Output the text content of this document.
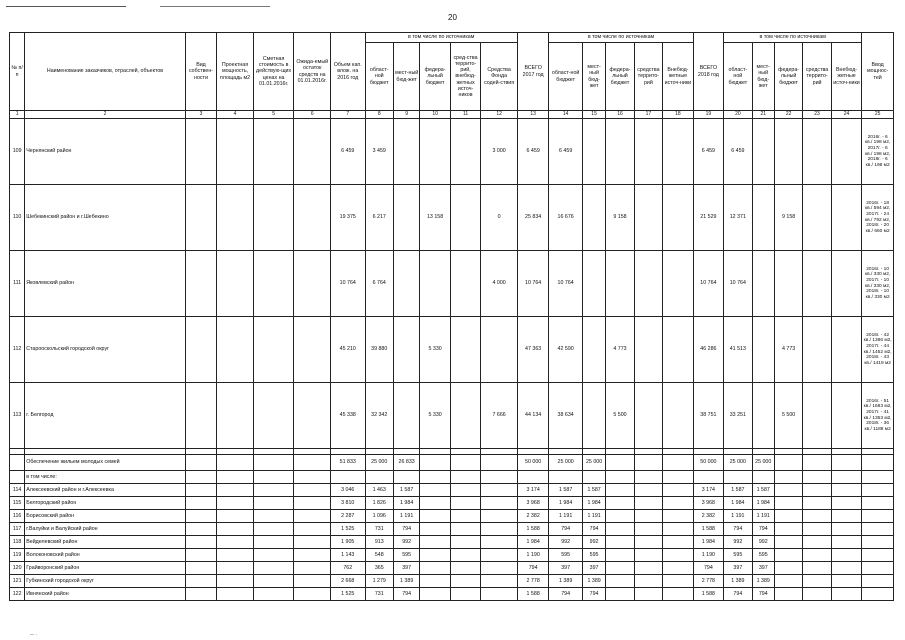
20
№ п/п	Наименование заказчиков, отраслей, объектов	Вид собствен-ности	Проектная мощность, площадь м2	Сметная стоимость в действую-щих ценах на 01.01.2016г.	Ожида-емый остаток средств на 01.01.2016г.	Объем кап. влож. на 2016 год	в том числе по источникам					ВСЕГО 2017 год	в том числе по источникам					ВСЕГО 2018 год	в том числе по источникам					Ввод мощнос-тей
							област-ной бюджет	мест-ный бюд-жет	федера-льный бюджет	сред-ства террито-рий, внебюд-жетных источ-ников	Средства Фонда содей-ствия		област-ной бюджет	мест-ный бюд-жет	федера-льный бюджет	средства террито-рий	Внебюд-жетные источ-ники		област-ной бюджет	мест-ный бюд-жет	федера-льный бюджет	средства террито-рий	Внебюд-жетные источ-ники	
1	2	3	4	5	6	7	8	9	10	11	12	13	14	15	16	17	18	19	20	21	22	23	24	25
109	Чернянский район					6 459	3 459				3 000	6 459	6 459					6 459	6 459					2016г. - 6 кв./ 198 м2, 2017г. - 6 кв./ 198 м2, 2018г. - 6 кв./ 198 м2
110	Шебекинский район и г.Шебекино					19 375	6 217		13 158		0	25 834	16 676		9 158			21 529	12 371		9 158			2016г. - 18 кв./ 594 м2, 2017г. - 24 кв./ 792 м2, 2018г. - 20 кв./ 660 м2
111	Яковлевский район					10 764	6 764				4 000	10 764	10 764					10 764	10 764					2016г. - 10 кв./ 330 м2, 2017г. - 10 кв./ 330 м2, 2018г. - 10 кв./ 330 м2
112	Старооскольский городской округ					45 210	39 880		5 330			47 363	42 590		4 773			46 286	41 513		4 773			2016г. - 42 кв./ 1386 м2, 2017г. - 44 кв./ 1452 м2, 2018г. - 43 кв./ 1419 м2
113	г. Белгород					45 338	32 342		5 330		7 666	44 134	38 634		5 500			38 751	33 251		5 500			2016г. - 51 кв./ 1683 м2, 2017г. - 41 кв./ 1353 м2, 2018г. - 36 кв./ 1188 м2

	Обеспечение жильем молодых семей					51 833	25 000	26 833				50 000	25 000	25 000				50 000	25 000	25 000				
	в том числе:																							
114	Алексеевский район и г.Алексеевка					3 046	1 463	1 587				3 174	1 587	1 587				3 174	1 587	1 587				
115	Белгородский район					3 810	1 826	1 984				3 968	1 984	1 984				3 968	1 984	1 984				
116	Борисовский район					2 287	1 096	1 191				2 382	1 191	1 191				2 382	1 191	1 191				
117	г.Валуйки и Валуйский район					1 525	731	794				1 588	794	794				1 588	794	794				
118	Вейделевский район					1 905	913	992				1 984	992	992				1 984	992	992				
119	Волоконовский район					1 143	548	595				1 190	595	595				1 190	595	595				
120	Грайворонский район					762	365	397				794	397	397				794	397	397				
121	Губкинский городской округ					2 668	1 279	1 389				2 778	1 389	1 389				2 778	1 389	1 389				
122	Ивнянский район					1 525	731	794				1 588	794	794				1 588	794	794				
-- ·
